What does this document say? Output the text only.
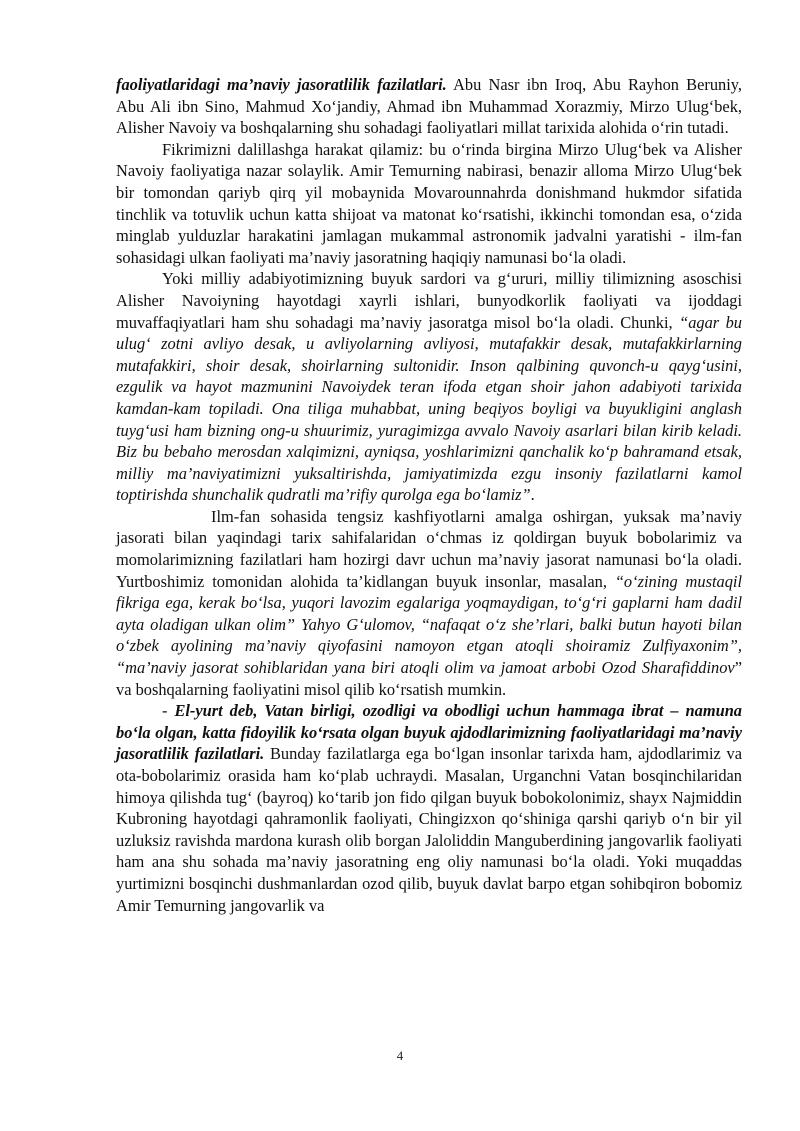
faoliyatlaridagi ma’naviy jasoratlilik fazilatlari. Abu Nasr ibn Iroq, Abu Rayhon Beruniy, Abu Ali ibn Sino, Mahmud Xo‘jandiy, Ahmad ibn Muhammad Xorazmiy, Mirzo Ulug‘bek, Alisher Navoiy va boshqalarning shu sohadagi faoliyatlari millat tarixida alohida o‘rin tutadi.

Fikrimizni dalillashga harakat qilamiz: bu o‘rinda birgina Mirzo Ulug‘bek va Alisher Navoiy faoliyatiga nazar solaylik. Amir Temurning nabirasi, benazir alloma Mirzo Ulug‘bek bir tomondan qariyb qirq yil mobaynida Movarounnahrda donishmand hukmdor sifatida tinchlik va totuvlik uchun katta shijoat va matonat ko‘rsatishi, ikkinchi tomondan esa, o‘zida minglab yulduzlar harakatini jamlagan mukammal astronomik jadvalni yaratishi - ilm-fan sohasidagi ulkan faoliyati ma’naviy jasoratning haqiqiy namunasi bo‘la oladi.

Yoki milliy adabiyotimizning buyuk sardori va g‘ururi, milliy tilimizning asoschisi Alisher Navoiyning hayotdagi xayrli ishlari, bunyodkorlik faoliyati va ijoddagi muvaffaqiyatlari ham shu sohadagi ma’naviy jasoratga misol bo‘la oladi. Chunki, “agar bu ulug‘ zotni avliyo desak, u avliyolarning avliyosi, mutafakkir desak, mutafakkirlarning mutafakkiri, shoir desak, shoirlarning sultonidir. Inson qalbining quvonch-u qayg‘usini, ezgulik va hayot mazmunini Navoiydek teran ifoda etgan shoir jahon adabiyoti tarixida kamdan-kam topiladi. Ona tiliga muhabbat, uning beqiyos boyligi va buyukligini anglash tuyg‘usi ham bizning ong-u shuurimiz, yuragimizga avvalo Navoiy asarlari bilan kirib keladi. Biz bu bebaho merosdan xalqimizni, ayniqsa, yoshlarimizni qanchalik ko‘p bahramand etsak, milliy ma’naviyatimizni yuksaltirishda, jamiyatimizda ezgu insoniy fazilatlarni kamol toptirishda shunchalik qudratli ma’rifiy qurolga ega bo‘lamiz”.

Ilm-fan sohasida tengsiz kashfiyotlarni amalga oshirgan, yuksak ma’naviy jasorati bilan yaqindagi tarix sahifalaridan o‘chmas iz qoldirgan buyuk bobolarimiz va momolarimizning fazilatlari ham hozirgi davr uchun ma’naviy jasorat namunasi bo‘la oladi. Yurtboshimiz tomonidan alohida ta’kidlangan buyuk insonlar, masalan, “o‘zining mustaqil fikriga ega, kerak bo‘lsa, yuqori lavozim egalariga yoqmaydigan, to‘g‘ri gaplarni ham dadil ayta oladigan ulkan olim” Yahyo G‘ulomov, “nafaqat o‘z she’rlari, balki butun hayoti bilan o‘zbek ayolining ma’naviy qiyofasini namoyon etgan atoqli shoiramiz Zulfiyaxonim”, “ma’naviy jasorat sohiblaridan yana biri atoqli olim va jamoat arbobi Ozod Sharafiddinov” va boshqalarning faoliyatini misol qilib ko‘rsatish mumkin.

- El-yurt deb, Vatan birligi, ozodligi va obodligi uchun hammaga ibrat – namuna bo‘la olgan, katta fidoyilik ko‘rsata olgan buyuk ajdodlarimizning faoliyatlaridagi ma’naviy jasoratlilik fazilatlari. Bunday fazilatlarga ega bo‘lgan insonlar tarixda ham, ajdodlarimiz va ota-bobolarimiz orasida ham ko‘plab uchraydi. Masalan, Urganchni Vatan bosqinchilaridan himoya qilishda tug‘ (bayroq) ko‘tarib jon fido qilgan buyuk bobokolonimiz, shayx Najmiddin Kubroning hayotdagi qahramonlik faoliyati, Chingizxon qo‘shiniga qarshi qariyb o‘n bir yil uzluksiz ravishda mardona kurash olib borgan Jaloliddin Manguberdining jangovarlik faoliyati ham ana shu sohada ma’naviy jasoratning eng oliy namunasi bo‘la oladi. Yoki muqaddas yurtimizni bosqinchi dushmanlardan ozod qilib, buyuk davlat barpo etgan sohibqiron bobomiz Amir Temurning jangovarlik va

4
